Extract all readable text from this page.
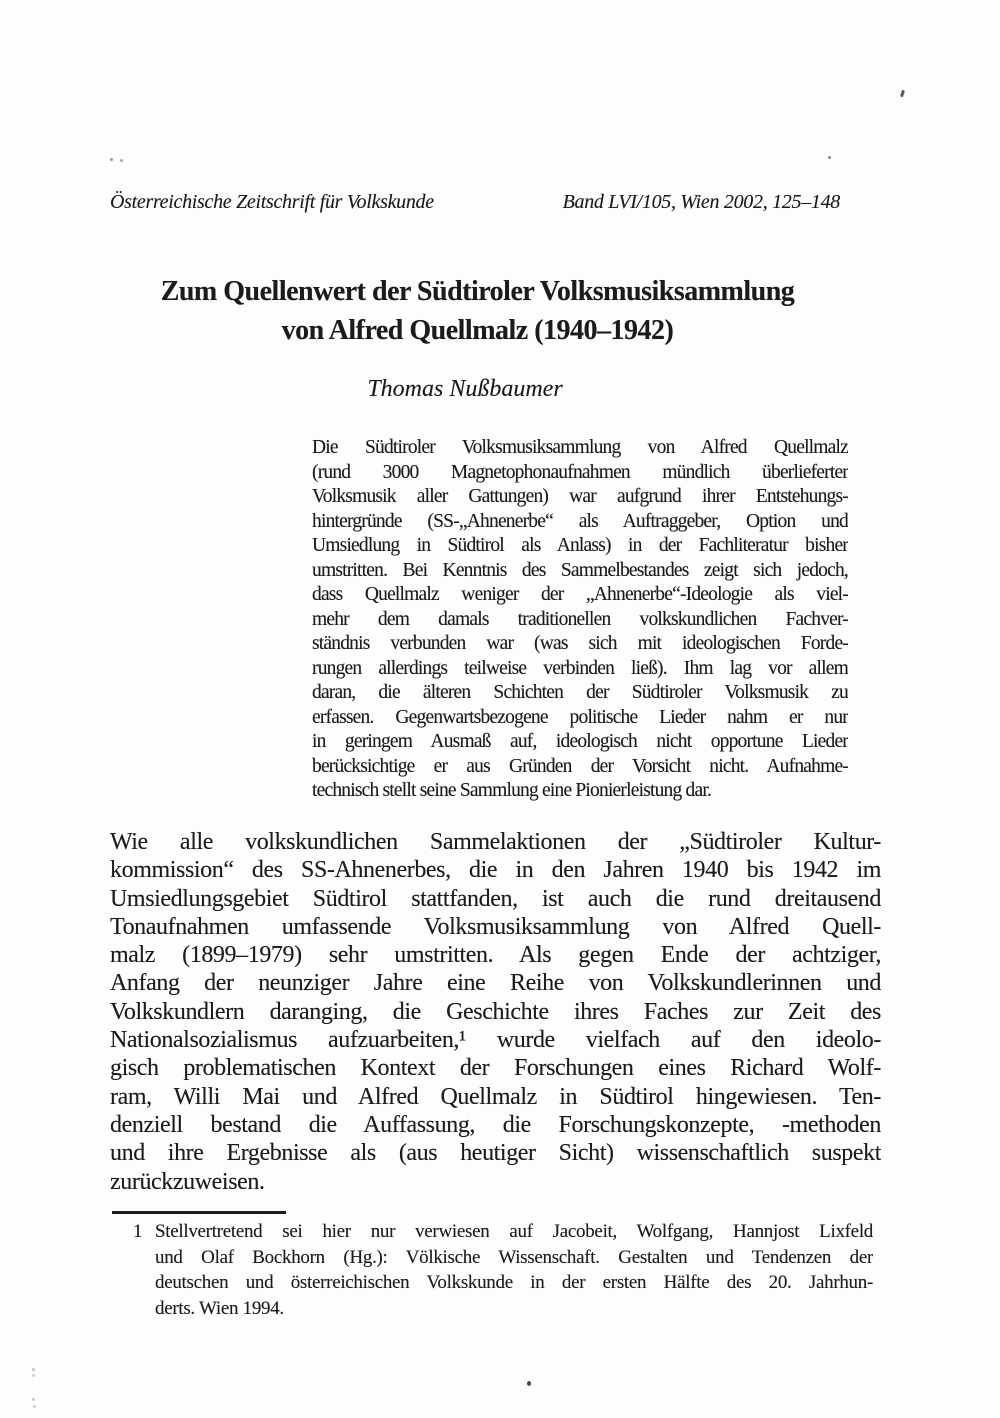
Österreichische Zeitschrift für Volkskunde	Band LVI/105, Wien 2002, 125–148
Zum Quellenwert der Südtiroler Volksmusiksammlung
von Alfred Quellmalz (1940–1942)
Thomas Nußbaumer
Die Südtiroler Volksmusiksammlung von Alfred Quellmalz
(rund 3000 Magnetophonaufnahmen mündlich überlieferter
Volksmusik aller Gattungen) war aufgrund ihrer Entstehungs-
hintergründe (SS-„Ahnenerbe“ als Auftraggeber, Option und
Umsiedlung in Südtirol als Anlass) in der Fachliteratur bisher
umstritten. Bei Kenntnis des Sammelbestandes zeigt sich jedoch,
dass Quellmalz weniger der „Ahnenerbe“-Ideologie als viel-
mehr dem damals traditionellen volkskundlichen Fachver-
ständnis verbunden war (was sich mit ideologischen Forde-
rungen allerdings teilweise verbinden ließ). Ihm lag vor allem
daran, die älteren Schichten der Südtiroler Volksmusik zu
erfassen. Gegenwartsbezogene politische Lieder nahm er nur
in geringem Ausmaß auf, ideologisch nicht opportune Lieder
berücksichtige er aus Gründen der Vorsicht nicht. Aufnahme-
technisch stellt seine Sammlung eine Pionierleistung dar.
Wie alle volkskundlichen Sammelaktionen der „Südtiroler Kultur-
kommission“ des SS-Ahnenerbes, die in den Jahren 1940 bis 1942 im
Umsiedlungsgebiet Südtirol stattfanden, ist auch die rund dreitausend
Tonaufnahmen umfassende Volksmusiksammlung von Alfred Quell-
malz (1899–1979) sehr umstritten. Als gegen Ende der achtziger,
Anfang der neunziger Jahre eine Reihe von Volkskundlerinnen und
Volkskundlern daranging, die Geschichte ihres Faches zur Zeit des
Nationalsozialismus aufzuarbeiten,¹ wurde vielfach auf den ideolo-
gisch problematischen Kontext der Forschungen eines Richard Wolf-
ram, Willi Mai und Alfred Quellmalz in Südtirol hingewiesen. Ten-
denziell bestand die Auffassung, die Forschungskonzepte, -methoden
und ihre Ergebnisse als (aus heutiger Sicht) wissenschaftlich suspekt
zurückzuweisen.
1 Stellvertretend sei hier nur verwiesen auf Jacobeit, Wolfgang, Hannjost Lixfeld
und Olaf Bockhorn (Hg.): Völkische Wissenschaft. Gestalten und Tendenzen der
deutschen und österreichischen Volkskunde in der ersten Hälfte des 20. Jahrhun-
derts. Wien 1994.
